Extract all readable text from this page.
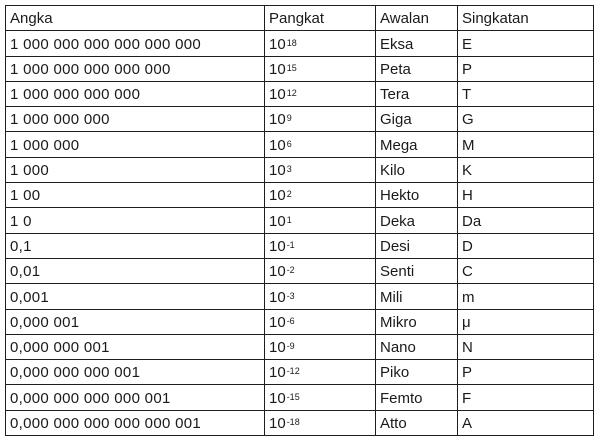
Angka	Pangkat	Awalan	Singkatan
1 000 000 000 000 000 000	$10^{18}$	Eksa	E
1 000 000 000 000 000	$10^{15}$	Peta	P
1 000 000 000 000	$10^{12}$	Tera	T
1 000 000 000	$10^9$	Giga	G
1 000 000	$10^6$	Mega	M
1 000	$10^3$	Kilo	K
1 00	$10^2$	Hekto	H
1 0	$10^1$	Deka	Da
0,1	$10^{-1}$	Desi	D
0,01	$10^{-2}$	Senti	C
0,001	$10^{-3}$	Mili	m
0,000 001	$10^{-6}$	Mikro	μ
0,000 000 001	$10^{-9}$	Nano	N
0,000 000 000 001	$10^{-12}$	Piko	P
0,000 000 000 000 001	$10^{-15}$	Femto	F
0,000 000 000 000 000 001	$10^{-18}$	Atto	A
